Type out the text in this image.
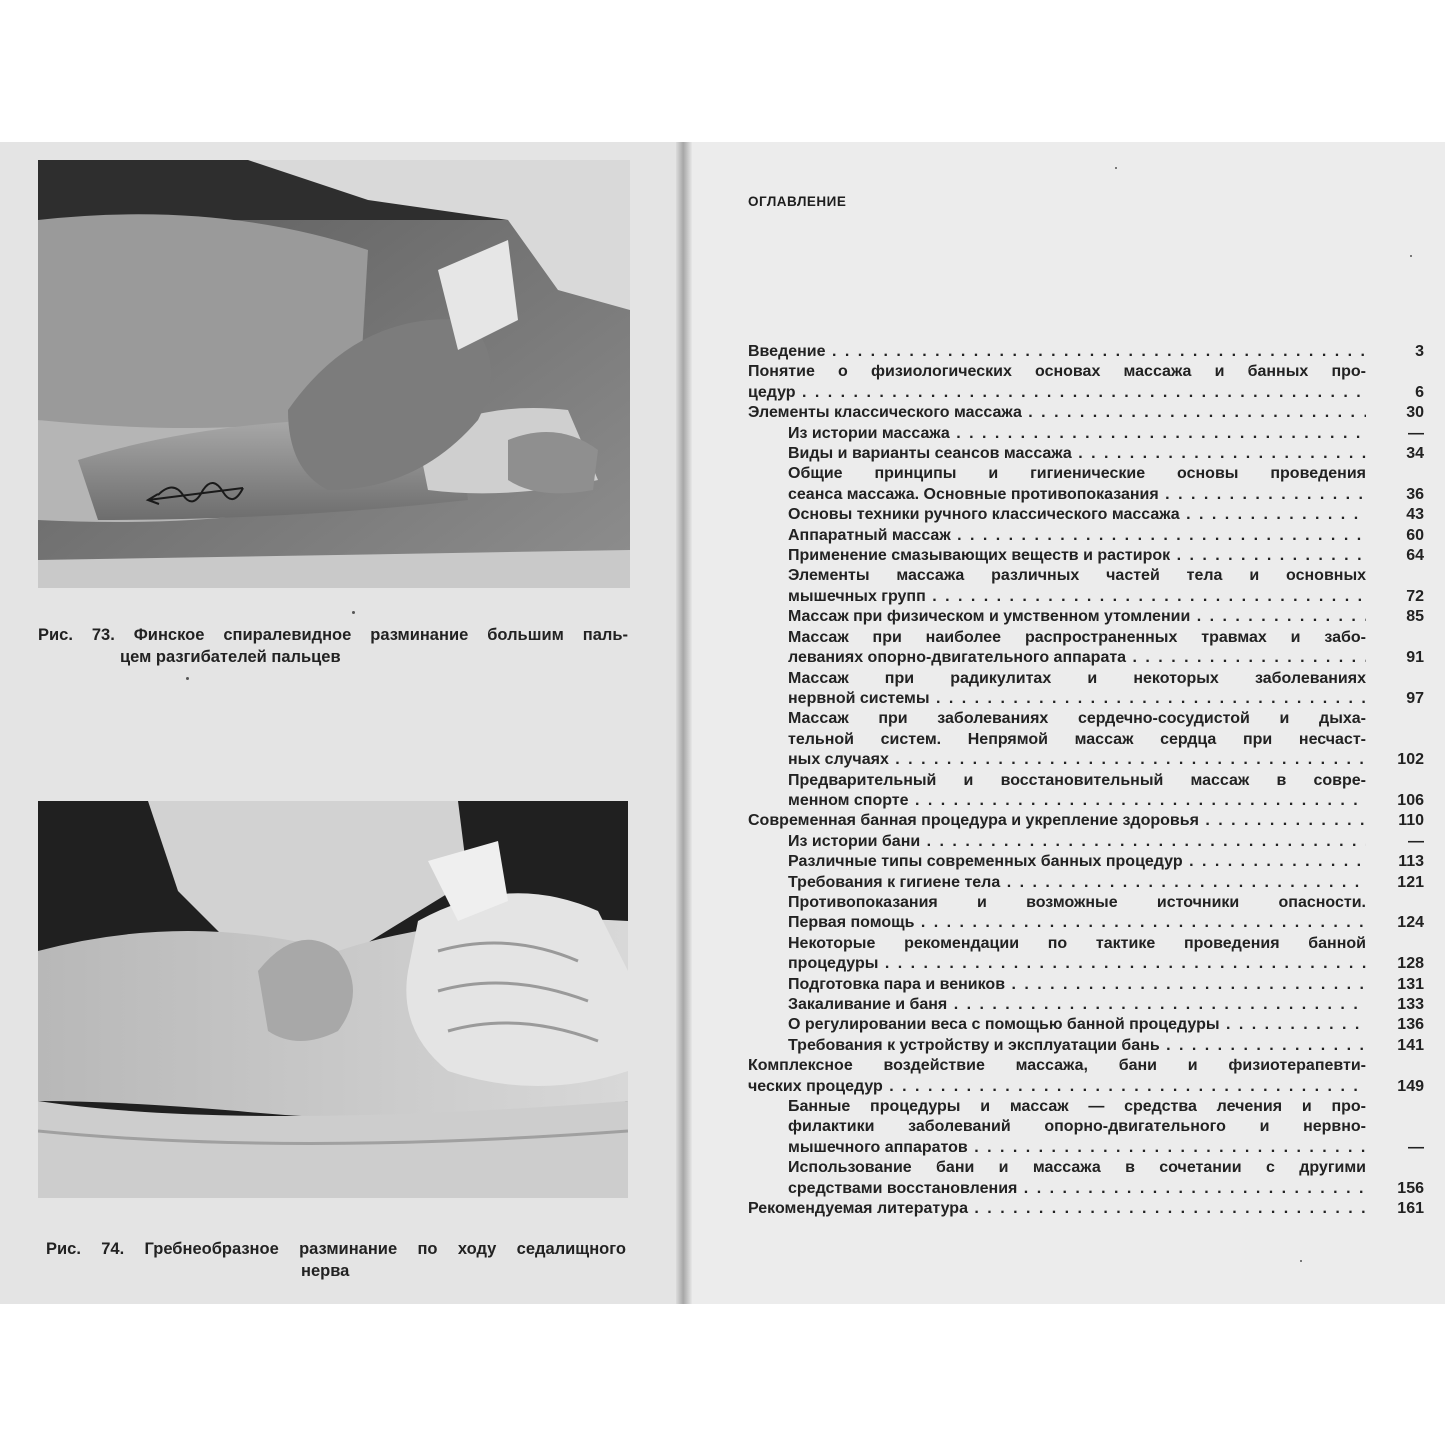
Рис. 73. Финское спиралевидное разминание большим паль-
цем разгибателей пальцев
Рис. 74. Гребнеобразное разминание по ходу седалищного
нерва
ОГЛАВЛЕНИЕ
Введение . . .	3
Понятие о физиологических основах массажа и банных про-
цедур . . .	6
Элементы классического массажа . . .	30
Из истории массажа . . .	—
Виды и варианты сеансов массажа . . .	34
Общие принципы и гигиенические основы проведения
сеанса массажа. Основные противопоказания . . .	36
Основы техники ручного классического массажа . . .	43
Аппаратный массаж . . .	60
Применение смазывающих веществ и растирок . . .	64
Элементы массажа различных частей тела и основных
мышечных групп . . .	72
Массаж при физическом и умственном утомлении . . .	85
Массаж при наиболее распространенных травмах и забо-
леваниях опорно-двигательного аппарата . . .	91
Массаж при радикулитах и некоторых заболеваниях
нервной системы . . .	97
Массаж при заболеваниях сердечно-сосудистой и дыха-
тельной систем. Непрямой массаж сердца при несчаст-
ных случаях . . .	102
Предварительный и восстановительный массаж в совре-
менном спорте . . .	106
Современная банная процедура и укрепление здоровья . . .	110
Из истории бани . . .	—
Различные типы современных банных процедур . . .	113
Требования к гигиене тела . . .	121
Противопоказания и возможные источники опасности.
Первая помощь . . .	124
Некоторые рекомендации по тактике проведения банной
процедуры . . .	128
Подготовка пара и веников . . .	131
Закаливание и баня . . .	133
О регулировании веса с помощью банной процедуры . . .	136
Требования к устройству и эксплуатации бань . . .	141
Комплексное воздействие массажа, бани и физиотерапевти-
ческих процедур . . .	149
Банные процедуры и массаж — средства лечения и про-
филактики заболеваний опорно-двигательного и нервно-
мышечного аппаратов . . .	—
Использование бани и массажа в сочетании с другими
средствами восстановления . . .	156
Рекомендуемая литература . . .	161
